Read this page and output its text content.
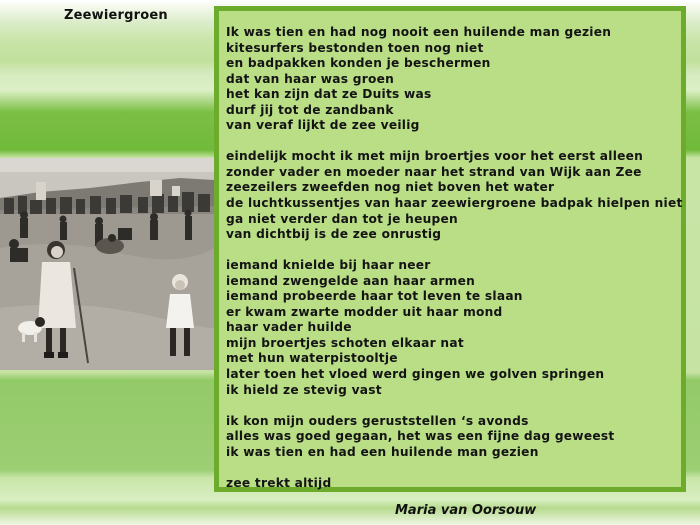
Zeewiergroen
Ik was tien en had nog nooit een huilende man gezien
kitesurfers bestonden toen nog niet
en badpakken konden je beschermen
dat van haar was groen
het kan zijn dat ze Duits was
durf jij tot de zandbank
van veraf lijkt de zee veilig
eindelijk mocht ik met mijn broertjes voor het eerst alleen
zonder vader en moeder naar het strand van Wijk aan Zee
zeezeilers zweefden nog niet boven het water
de luchtkussentjes van haar zeewiergroene badpak hielpen niet
ga niet verder dan tot je heupen
van dichtbij is de zee onrustig
iemand knielde bij haar neer
iemand zwengelde aan haar armen
iemand probeerde haar tot leven te slaan
er kwam zwarte modder uit haar mond
haar vader huilde
mijn broertjes schoten elkaar nat
met hun waterpistooltje
later toen het vloed werd gingen we golven springen
ik hield ze stevig vast
ik kon mijn ouders geruststellen ‘s avonds
alles was goed gegaan, het was een fijne dag geweest
ik was tien en had een huilende man gezien
zee trekt altijd
Maria van Oorsouw
